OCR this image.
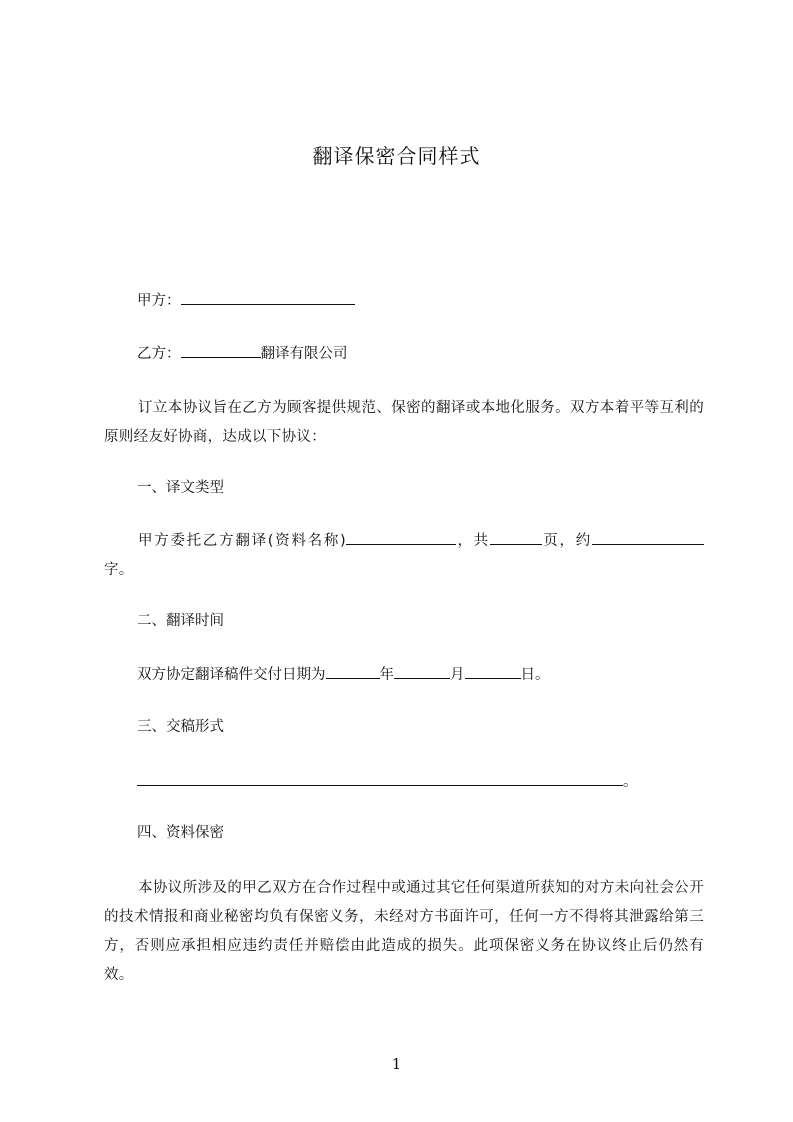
翻译保密合同样式
甲方：
乙方：	翻译有限公司
订立本协议旨在乙方为顾客提供规范、保密的翻译或本地化服务。双方本着平等互利的原则经友好协商，达成以下协议：
一、译文类型
甲方委托乙方翻译(资料名称)	，共	页，约字。
二、翻译时间
双方协定翻译稿件交付日期为	年	月	日。
三、交稿形式
。
四、资料保密
本协议所涉及的甲乙双方在合作过程中或通过其它任何渠道所获知的对方未向社会公开的技术情报和商业秘密均负有保密义务，未经对方书面许可，任何一方不得将其泄露给第三方，否则应承担相应违约责任并赔偿由此造成的损失。此项保密义务在协议终止后仍然有效。
1
